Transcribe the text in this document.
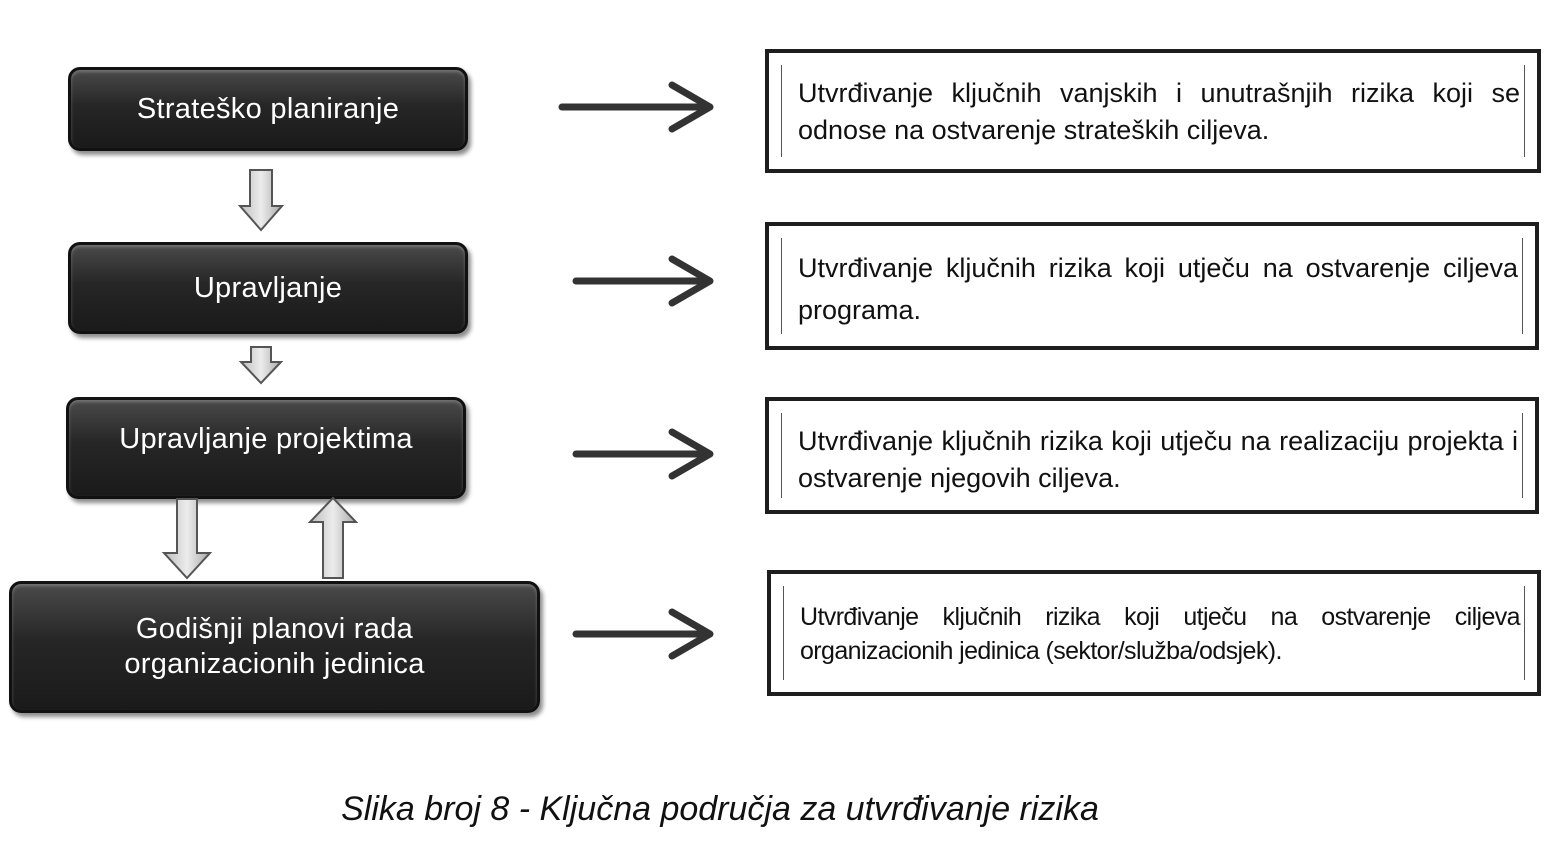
Strateško planiranje
Upravljanje
Upravljanje projektima
Godišnji planovi rada
organizacionih jedinica
Utvrđivanje ključnih vanjskih i unutrašnjih rizika koji se odnose na ostvarenje strateških ciljeva.
Utvrđivanje ključnih rizika koji utječu na ostvarenje ciljeva programa.
Utvrđivanje ključnih rizika koji utječu na realizaciju projekta i ostvarenje njegovih ciljeva.
Utvrđivanje ključnih rizika koji utječu na ostvarenje ciljeva organizacionih jedinica (sektor/služba/odsjek).
Slika broj 8 - Ključna područja za utvrđivanje rizika
